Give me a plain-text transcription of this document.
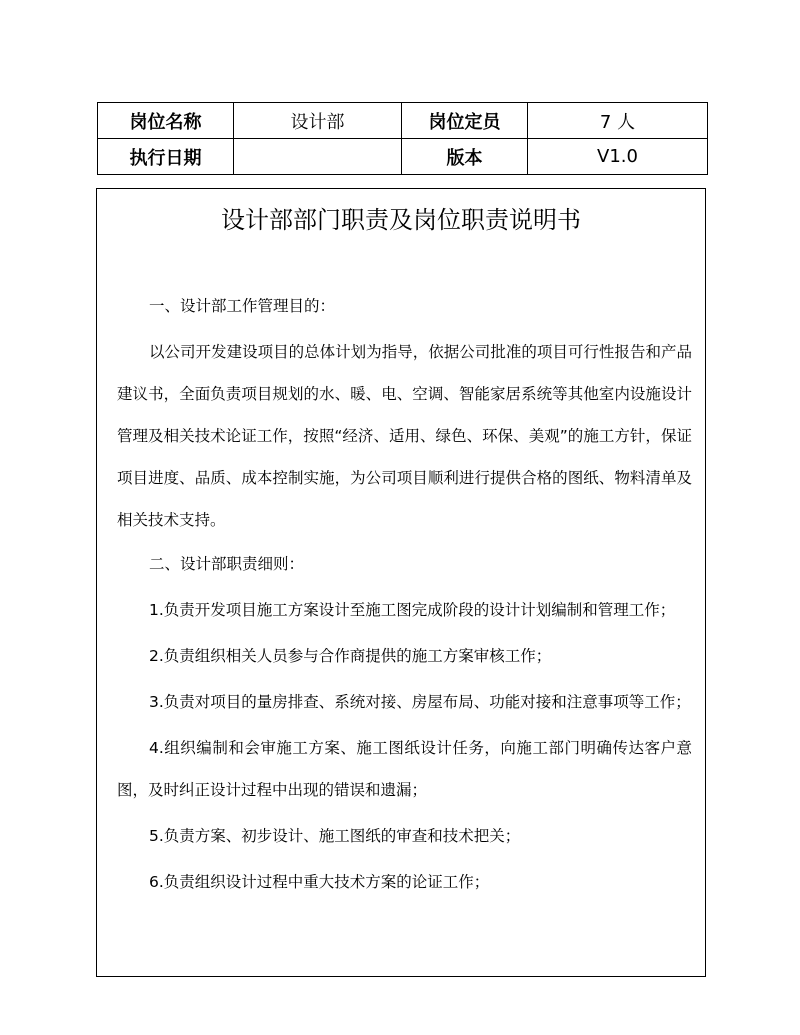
岗位名称	设计部	岗位定员	7 人
执行日期		版本	V1.0
设计部部门职责及岗位职责说明书

一、设计部工作管理目的：

以公司开发建设项目的总体计划为指导，依据公司批准的项目可行性报告和产品建议书，全面负责项目规划的水、暖、电、空调、智能家居系统等其他室内设施设计管理及相关技术论证工作，按照“经济、适用、绿色、环保、美观”的施工方针，保证项目进度、品质、成本控制实施，为公司项目顺利进行提供合格的图纸、物料清单及相关技术支持。

二、设计部职责细则：

1.负责开发项目施工方案设计至施工图完成阶段的设计计划编制和管理工作；

2.负责组织相关人员参与合作商提供的施工方案审核工作；

3.负责对项目的量房排查、系统对接、房屋布局、功能对接和注意事项等工作；

4.组织编制和会审施工方案、施工图纸设计任务，向施工部门明确传达客户意图，及时纠正设计过程中出现的错误和遗漏；

5.负责方案、初步设计、施工图纸的审查和技术把关；

6.负责组织设计过程中重大技术方案的论证工作；
